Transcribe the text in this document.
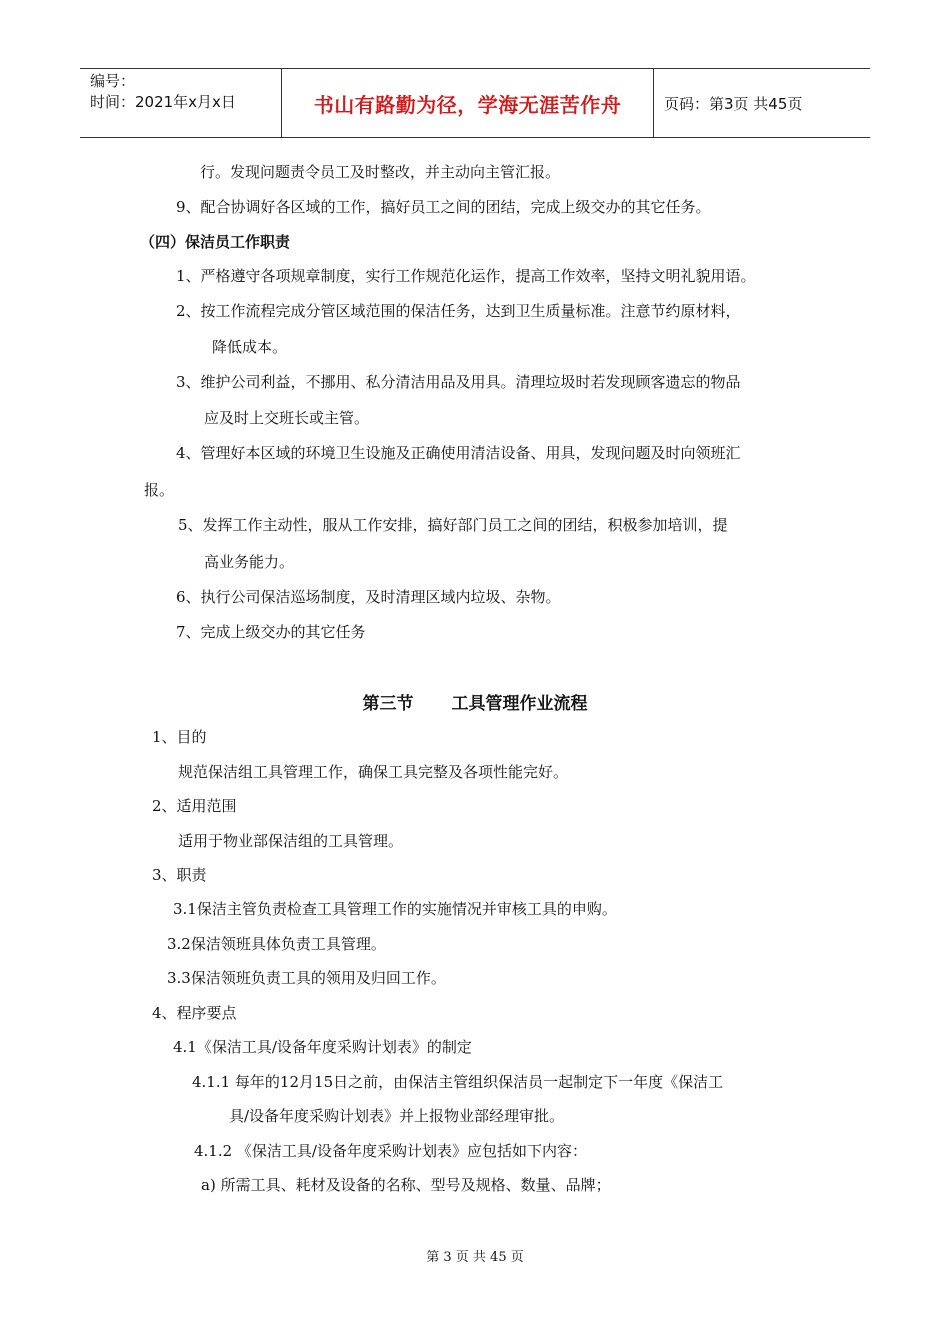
编号：
时间：2021年x月x日	书山有路勤为径，学海无涯苦作舟	页码：第3页 共45页
行。发现问题责令员工及时整改，并主动向主管汇报。
9、配合协调好各区域的工作，搞好员工之间的团结，完成上级交办的其它任务。
（四）保洁员工作职责
1、严格遵守各项规章制度，实行工作规范化运作，提高工作效率，坚持文明礼貌用语。
2、按工作流程完成分管区域范围的保洁任务，达到卫生质量标准。注意节约原材料，
降低成本。
3、维护公司利益，不挪用、私分清洁用品及用具。清理垃圾时若发现顾客遗忘的物品
应及时上交班长或主管。
4、管理好本区域的环境卫生设施及正确使用清洁设备、用具，发现问题及时向领班汇
报。
5、发挥工作主动性，服从工作安排，搞好部门员工之间的团结，积极参加培训，提
高业务能力。
6、执行公司保洁巡场制度，及时清理区域内垃圾、杂物。
7、完成上级交办的其它任务
第三节 工具管理作业流程
1、目的
规范保洁组工具管理工作，确保工具完整及各项性能完好。
2、适用范围
适用于物业部保洁组的工具管理。
3、职责
3.1保洁主管负责检查工具管理工作的实施情况并审核工具的申购。
3.2保洁领班具体负责工具管理。
3.3保洁领班负责工具的领用及归回工作。
4、程序要点
4.1《保洁工具/设备年度采购计划表》的制定
4.1.1 每年的12月15日之前，由保洁主管组织保洁员一起制定下一年度《保洁工
具/设备年度采购计划表》并上报物业部经理审批。
4.1.2 《保洁工具/设备年度采购计划表》应包括如下内容：
a) 所需工具、耗材及设备的名称、型号及规格、数量、品牌；
第 3 页 共 45 页
